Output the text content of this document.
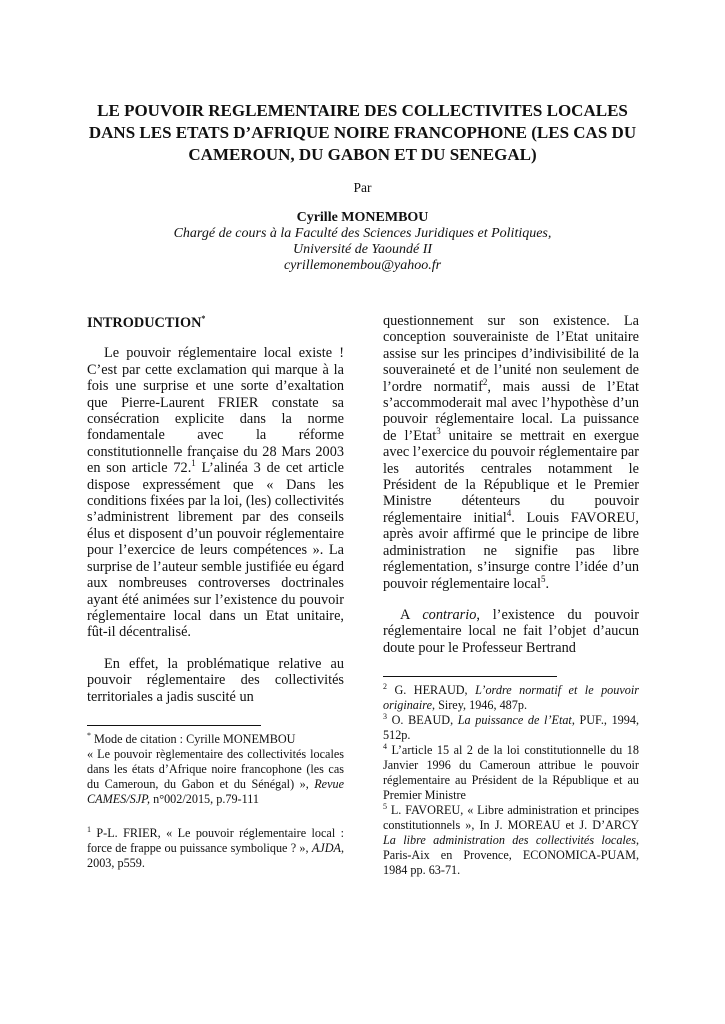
LE POUVOIR REGLEMENTAIRE DES COLLECTIVITES LOCALES
DANS LES ETATS D’AFRIQUE NOIRE FRANCOPHONE (LES CAS DU
CAMEROUN, DU GABON ET DU SENEGAL)
Par
Cyrille MONEMBOU
Chargé de cours à la Faculté des Sciences Juridiques et Politiques,
Université de Yaoundé II
cyrillemonembou@yahoo.fr
INTRODUCTION*

Le pouvoir réglementaire local existe ! C’est par cette exclamation qui marque à la fois une surprise et une sorte d’exaltation que Pierre-Laurent FRIER constate sa consécration explicite dans la norme fondamentale avec la réforme constitutionnelle française du 28 Mars 2003 en son article 72.$^1$ L’alinéa 3 de cet article dispose expressément que « Dans les conditions fixées par la loi, (les) collectivités s’administrent librement par des conseils élus et disposent d’un pouvoir réglementaire pour l’exercice de leurs compétences ». La surprise de l’auteur semble justifiée eu égard aux nombreuses controverses doctrinales ayant été animées sur l’existence du pouvoir réglementaire local dans un Etat unitaire, fût-il décentralisé.

En effet, la problématique relative au pouvoir réglementaire des collectivités territoriales a jadis suscité un

* Mode de citation : Cyrille MONEMBOU
« Le pouvoir règlementaire des collectivités locales dans les états d’Afrique noire francophone (les cas du Cameroun, du Gabon et du Sénégal) », Revue CAMES/SJP, n°002/2015, p.79-111

$^1$ P-L. FRIER, « Le pouvoir réglementaire local : force de frappe ou puissance symbolique ? », AJDA, 2003, p559.

questionnement sur son existence. La conception souverainiste de l’Etat unitaire assise sur les principes d’indivisibilité de la souveraineté et de l’unité non seulement de l’ordre normatif$^2$, mais aussi de l’Etat s’accommoderait mal avec l’hypothèse d’un pouvoir réglementaire local. La puissance de l’Etat$^3$ unitaire se mettrait en exergue avec l’exercice du pouvoir réglementaire par les autorités centrales notamment le Président de la République et le Premier Ministre détenteurs du pouvoir réglementaire initial$^4$. Louis FAVOREU, après avoir affirmé que le principe de libre administration ne signifie pas libre réglementation, s’insurge contre l’idée d’un pouvoir réglementaire local$^5$.

A contrario, l’existence du pouvoir réglementaire local ne fait l’objet d’aucun doute pour le Professeur Bertrand

$^2$ G. HERAUD, L’ordre normatif et le pouvoir originaire, Sirey, 1946, 487p.

$^3$ O. BEAUD, La puissance de l’Etat, PUF., 1994, 512p.

$^4$ L’article 15 al 2 de la loi constitutionnelle du 18 Janvier 1996 du Cameroun attribue le pouvoir réglementaire au Président de la République et au Premier Ministre

$^5$ L. FAVOREU, « Libre administration et principes constitutionnels », In J. MOREAU et J. D’ARCY La libre administration des collectivités locales, Paris-Aix en Provence, ECONOMICA-PUAM, 1984 pp. 63-71.
